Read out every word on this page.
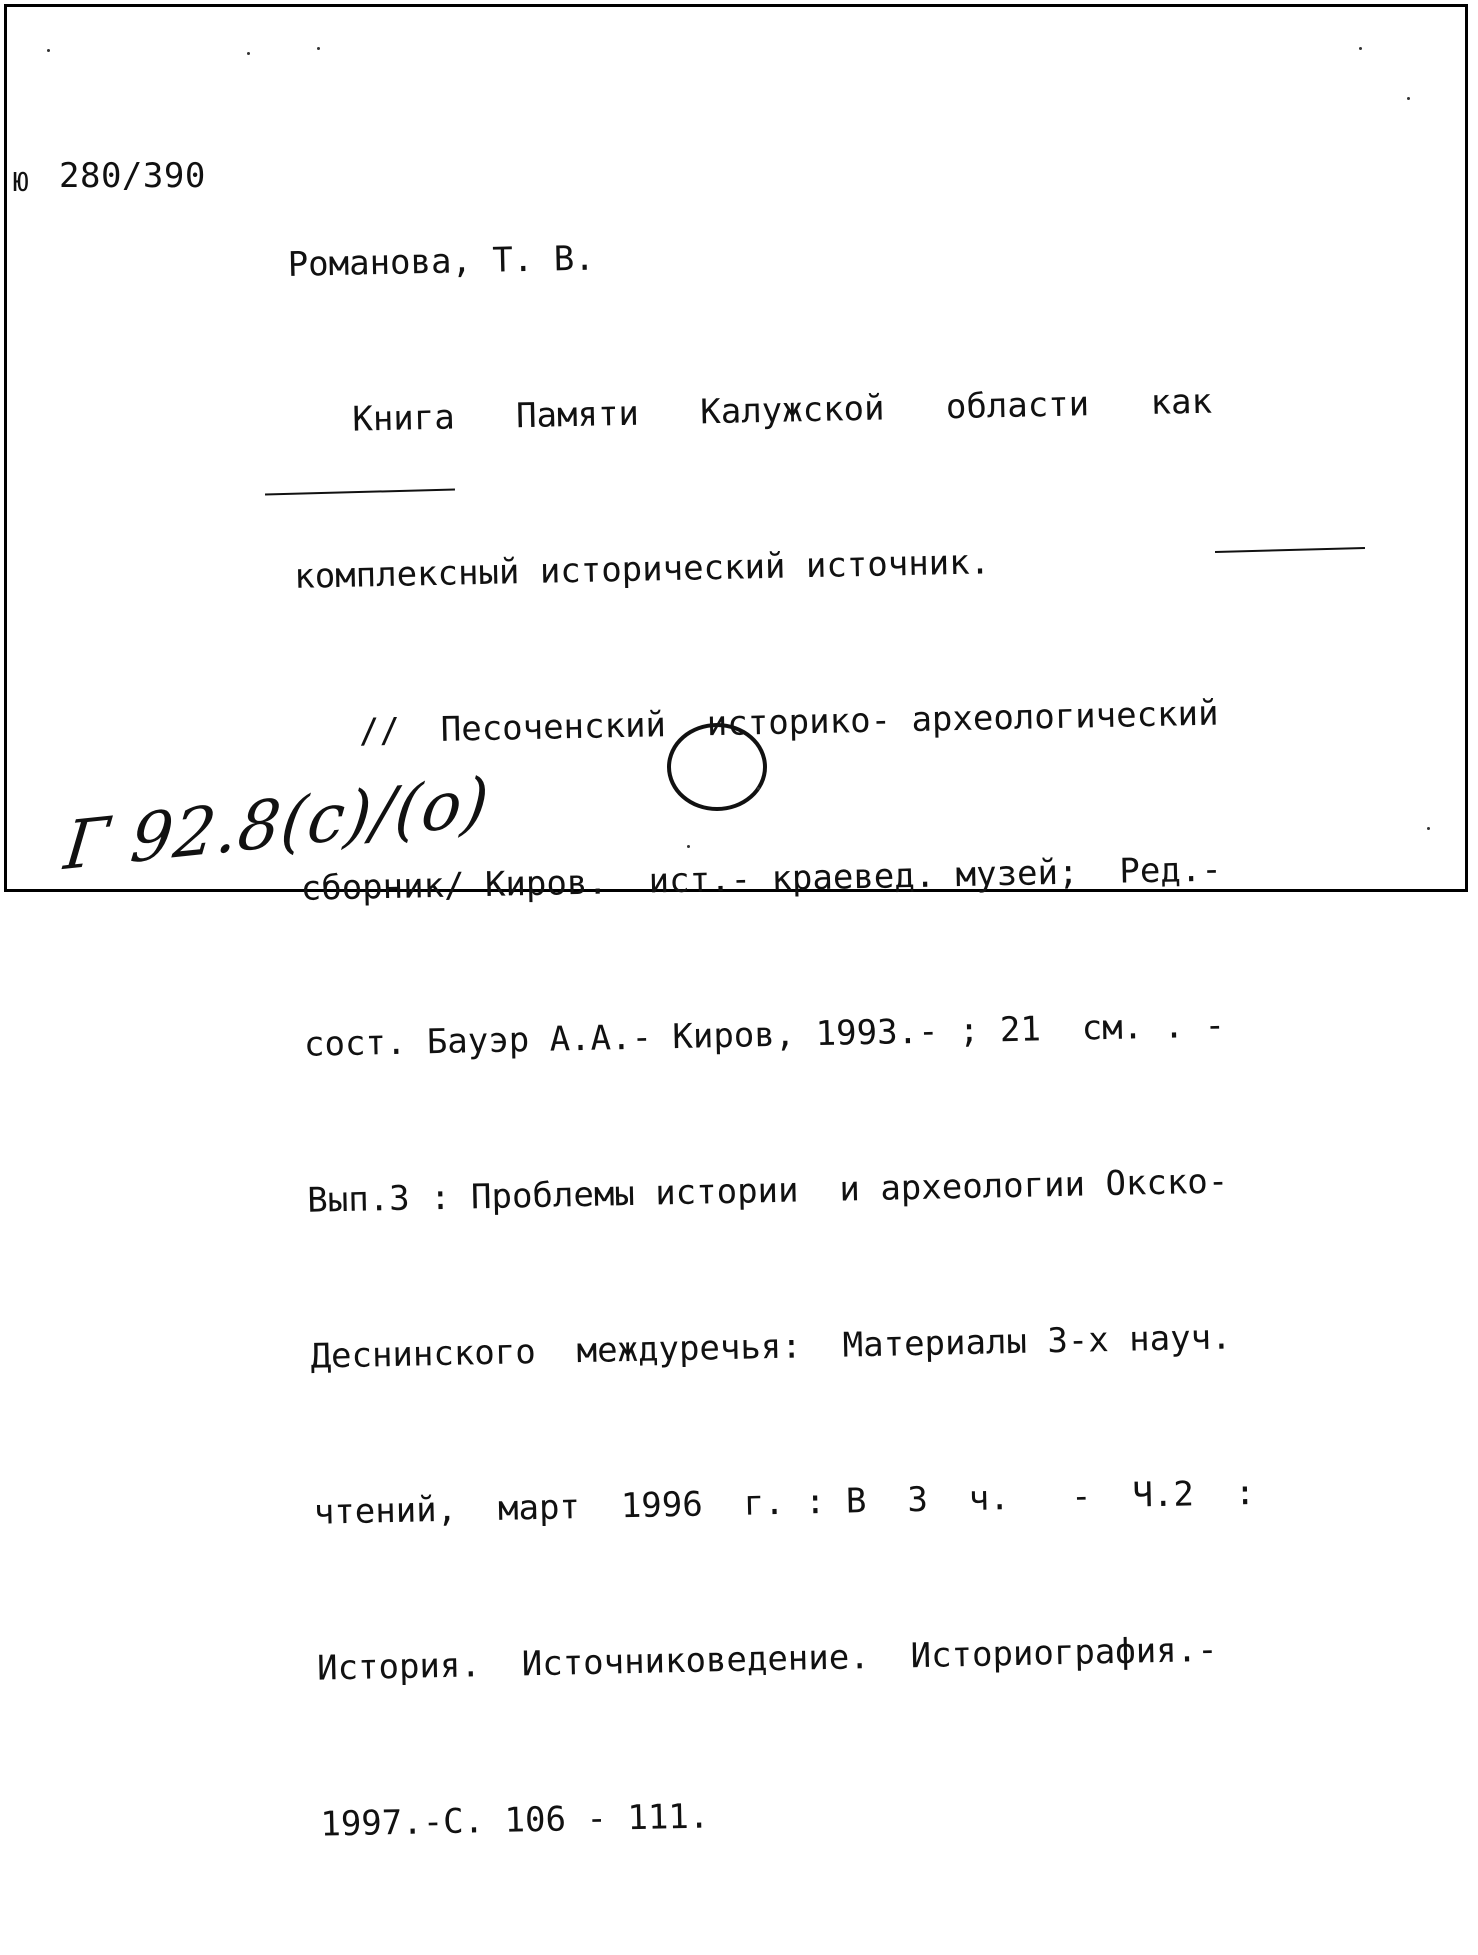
Ю 280/390

Романова, Т. В.

Книга   Памяти   Калужской   области   как

комплексный исторический источник.

//  Песоченский  историко- археологический

сборник/ Киров.  ист.- краевед. музей;  Ред.-

сост. Бауэр А.А.- Киров, 1993.- ; 21  см. . -

Вып.3 : Проблемы истории  и археологии Окско-

Деснинского  междуречья:  Материалы 3-х науч.

чтений,  март  1996  г. : В  3  ч.   -  Ч.2  :

История.  Источниковедение.  Историография.-

1997.-С. 106 - 111.

Г 92.8(с)/(о)
